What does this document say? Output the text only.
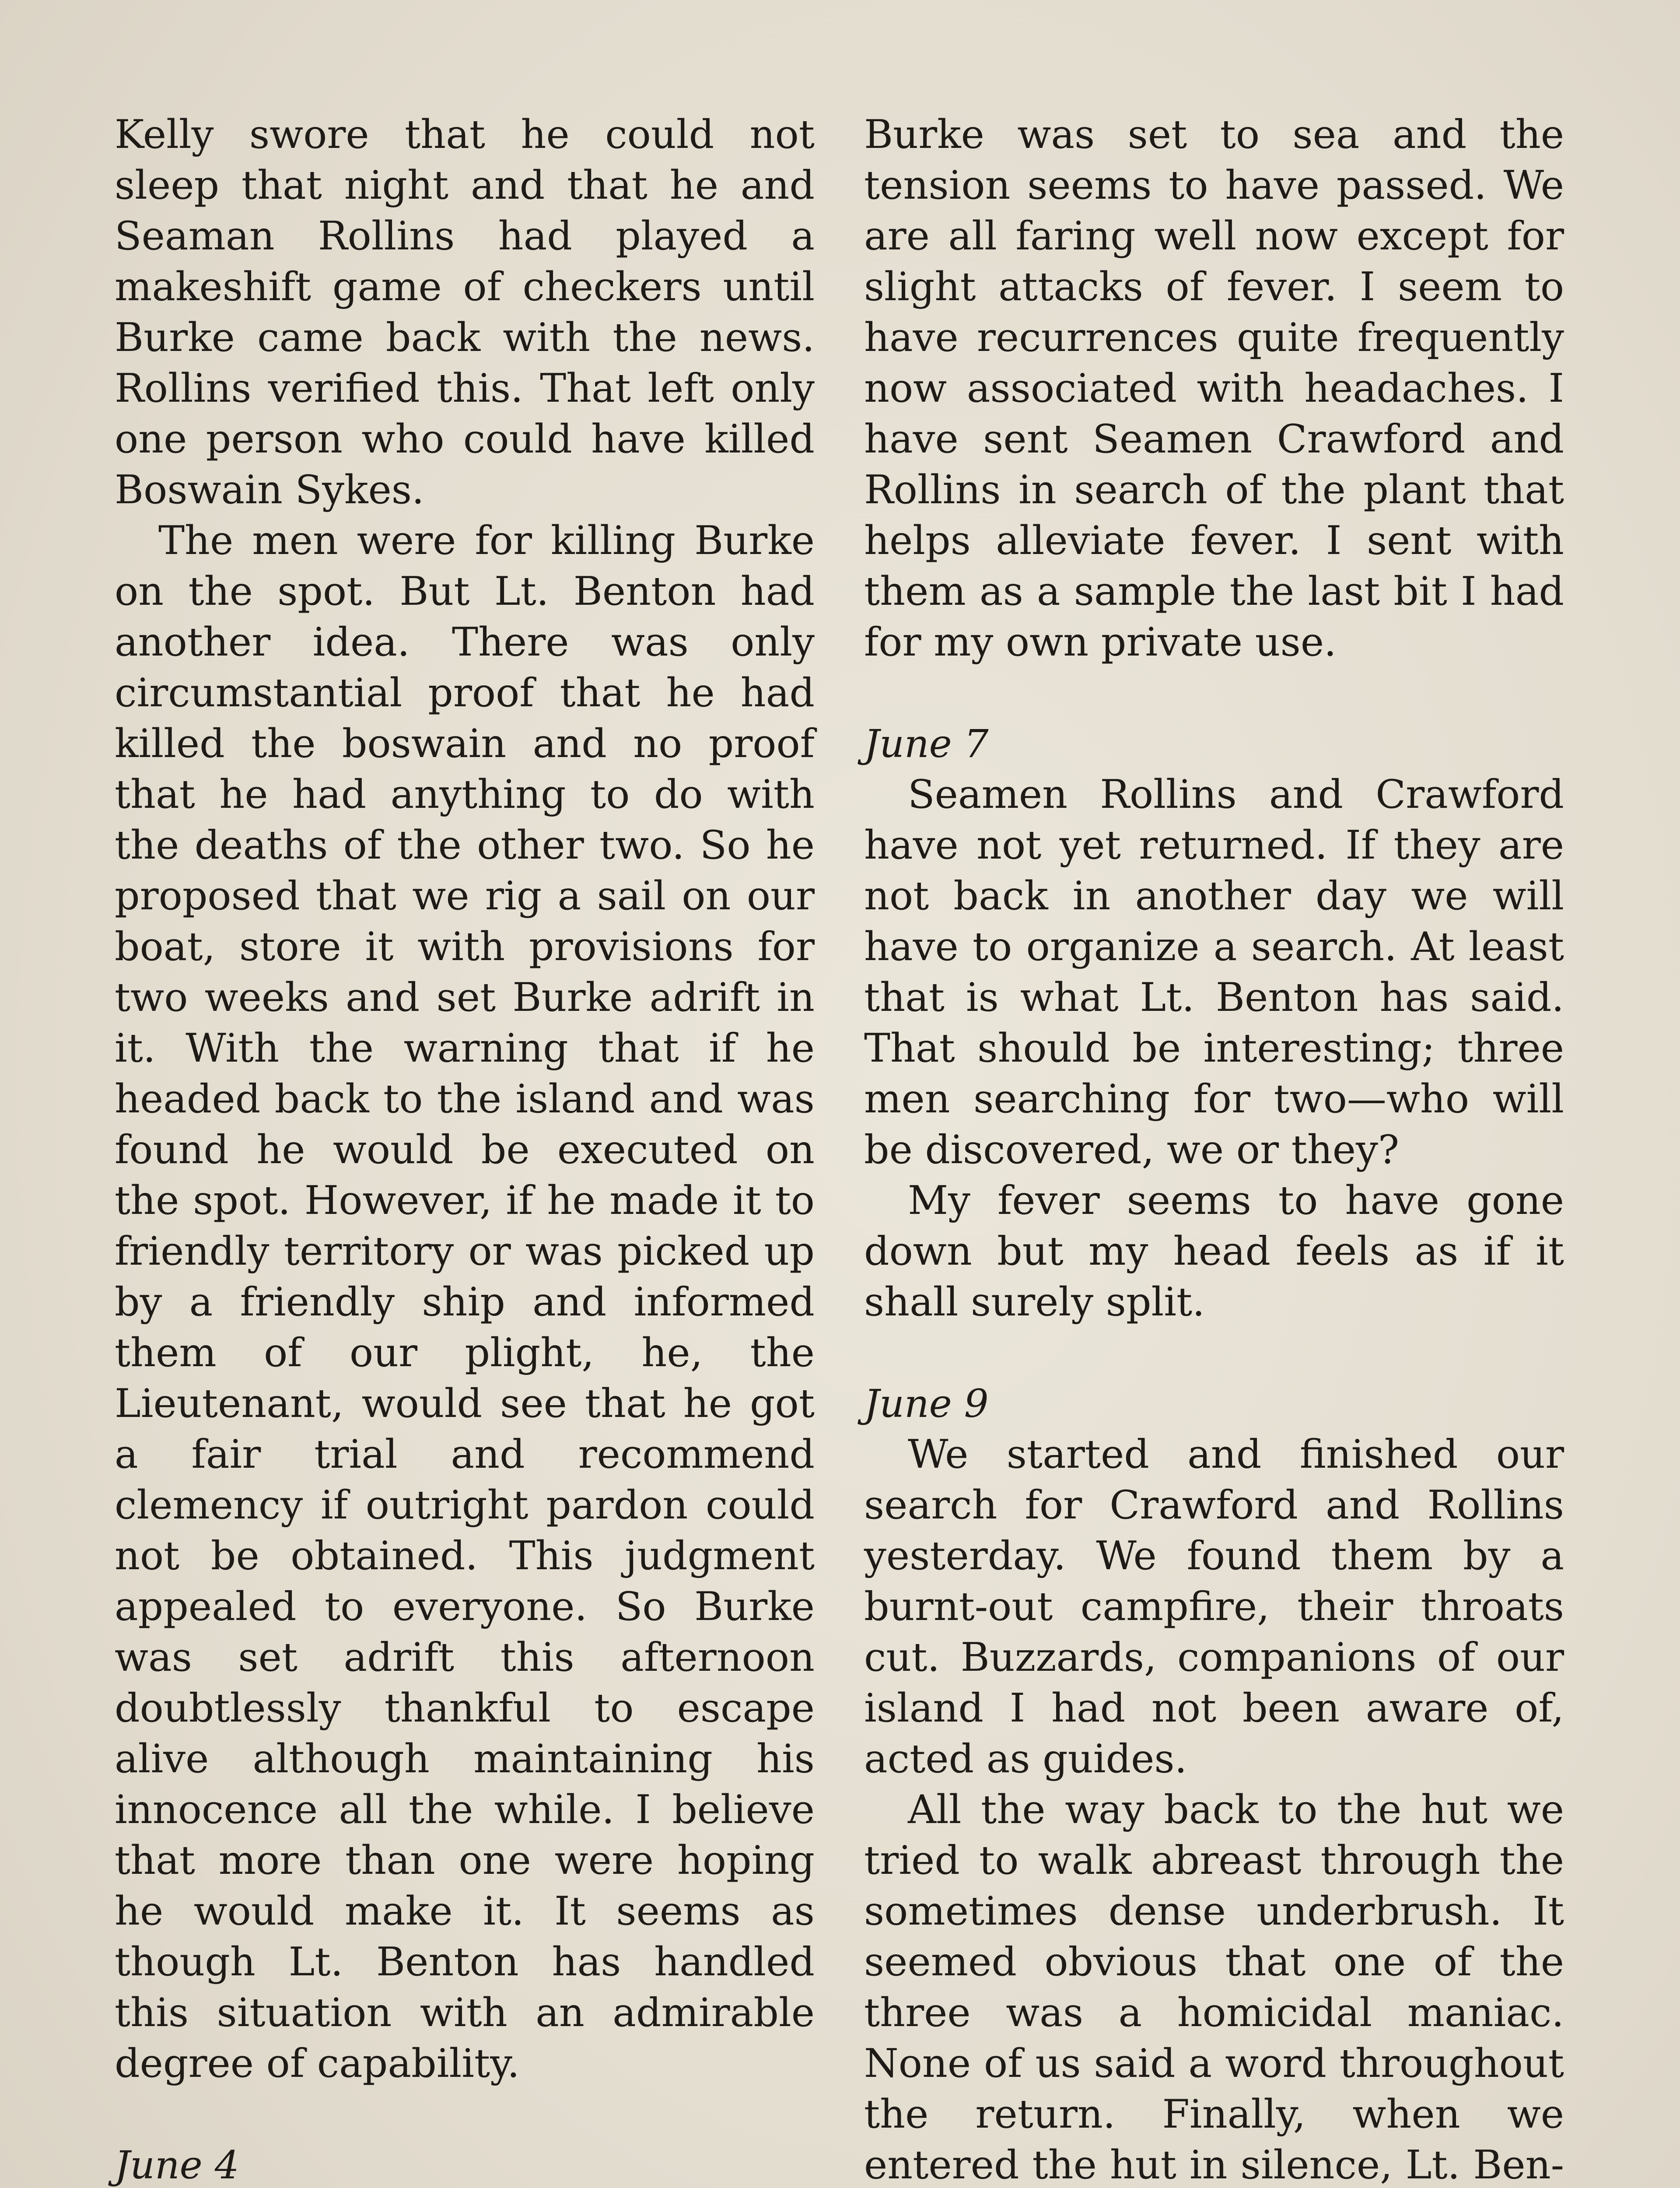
Kelly swore that he could not sleep that night and that he and Seaman Rollins had played a makeshift game of checkers until Burke came back with the news. Rollins verified this. That left only one person who could have killed Boswain Sykes.

The men were for killing Burke on the spot. But Lt. Benton had another idea. There was only circumstantial proof that he had killed the boswain and no proof that he had anything to do with the deaths of the other two. So he proposed that we rig a sail on our boat, store it with provisions for two weeks and set Burke adrift in it. With the warning that if he headed back to the island and was found he would be executed on the spot. However, if he made it to friendly territory or was picked up by a friendly ship and informed them of our plight, he, the Lieutenant, would see that he got a fair trial and recommend clemency if outright pardon could not be obtained. This judgment appealed to everyone. So Burke was set adrift this afternoon doubtlessly thankful to escape alive although maintaining his innocence all the while. I believe that more than one were hoping he would make it. It seems as though Lt. Benton has handled this situation with an admirable degree of capability.

June 4

Burke was set to sea and the tension seems to have passed. We are all faring well now except for slight attacks of fever. I seem to have recurrences quite frequently now associated with headaches. I have sent Seamen Crawford and Rollins in search of the plant that helps alleviate fever. I sent with them as a sample the last bit I had for my own private use.

June 7

Seamen Rollins and Crawford have not yet returned. If they are not back in another day we will have to organize a search. At least that is what Lt. Benton has said. That should be interesting; three men searching for two—who will be discovered, we or they?

My fever seems to have gone down but my head feels as if it shall surely split.

June 9

We started and finished our search for Crawford and Rollins yesterday. We found them by a burnt-out campfire, their throats cut. Buzzards, companions of our island I had not been aware of, acted as guides.

All the way back to the hut we tried to walk abreast through the sometimes dense underbrush. It seemed obvious that one of the three was a homicidal maniac. None of us said a word throughout the return. Finally, when we entered the hut in silence, Lt. Ben-
